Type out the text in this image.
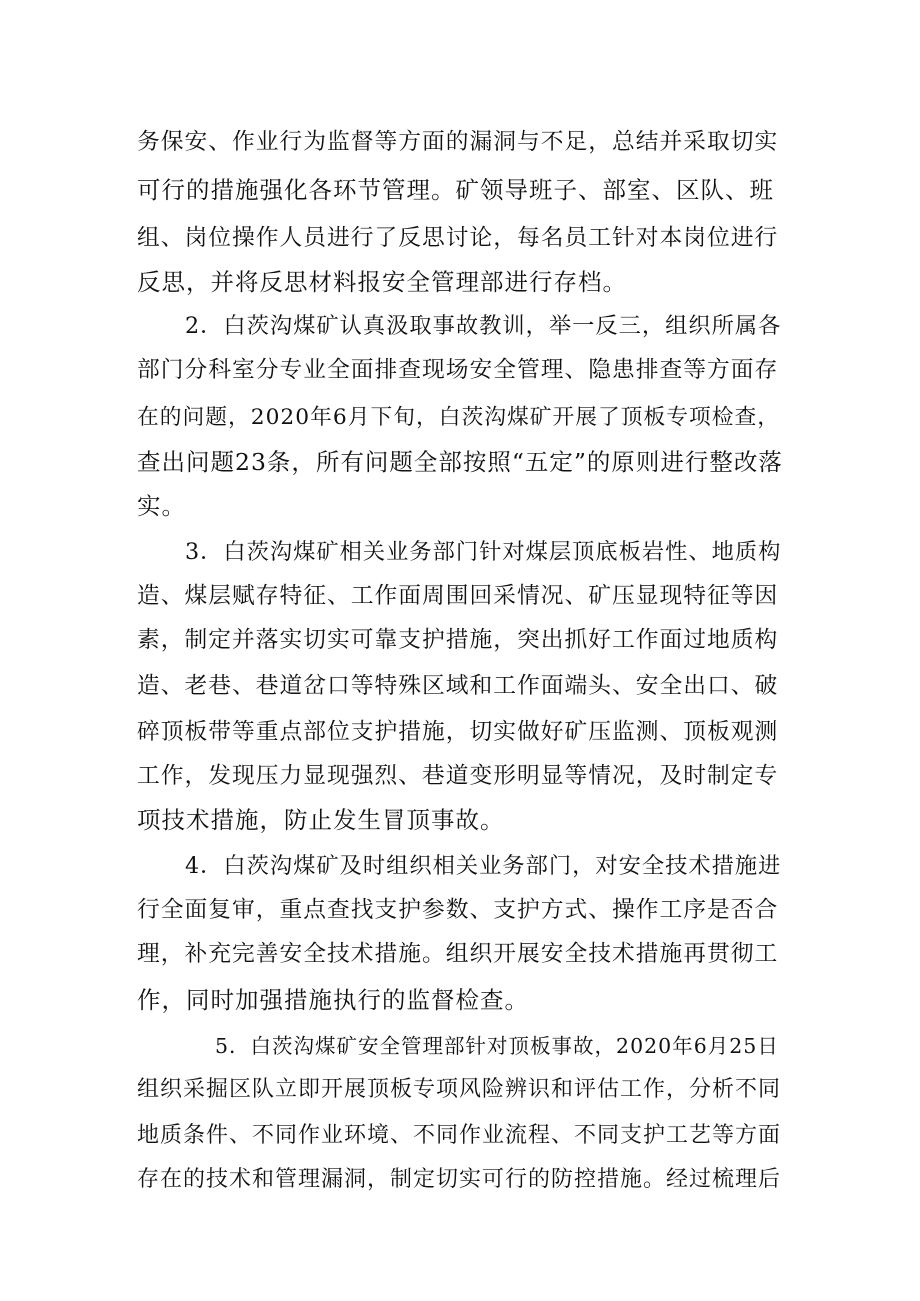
务保安、作业行为监督等方面的漏洞与不足，总结并采取切实
可行的措施强化各环节管理。矿领导班子、部室、区队、班
组、岗位操作人员进行了反思讨论，每名员工针对本岗位进行
反思，并将反思材料报安全管理部进行存档。
2．白茨沟煤矿认真汲取事故教训，举一反三，组织所属各
部门分科室分专业全面排查现场安全管理、隐患排查等方面存
在的问题，2020年6月下旬，白茨沟煤矿开展了顶板专项检查，
查出问题23条，所有问题全部按照“五定”的原则进行整改落
实。
3．白茨沟煤矿相关业务部门针对煤层顶底板岩性、地质构
造、煤层赋存特征、工作面周围回采情况、矿压显现特征等因
素，制定并落实切实可靠支护措施，突出抓好工作面过地质构
造、老巷、巷道岔口等特殊区域和工作面端头、安全出口、破
碎顶板带等重点部位支护措施，切实做好矿压监测、顶板观测
工作，发现压力显现强烈、巷道变形明显等情况，及时制定专
项技术措施，防止发生冒顶事故。
4．白茨沟煤矿及时组织相关业务部门，对安全技术措施进
行全面复审，重点查找支护参数、支护方式、操作工序是否合
理，补充完善安全技术措施。组织开展安全技术措施再贯彻工
作，同时加强措施执行的监督检查。
5．白茨沟煤矿安全管理部针对顶板事故，2020年6月25日
组织采掘区队立即开展顶板专项风险辨识和评估工作，分析不同
地质条件、不同作业环境、不同作业流程、不同支护工艺等方面
存在的技术和管理漏洞，制定切实可行的防控措施。经过梳理后
